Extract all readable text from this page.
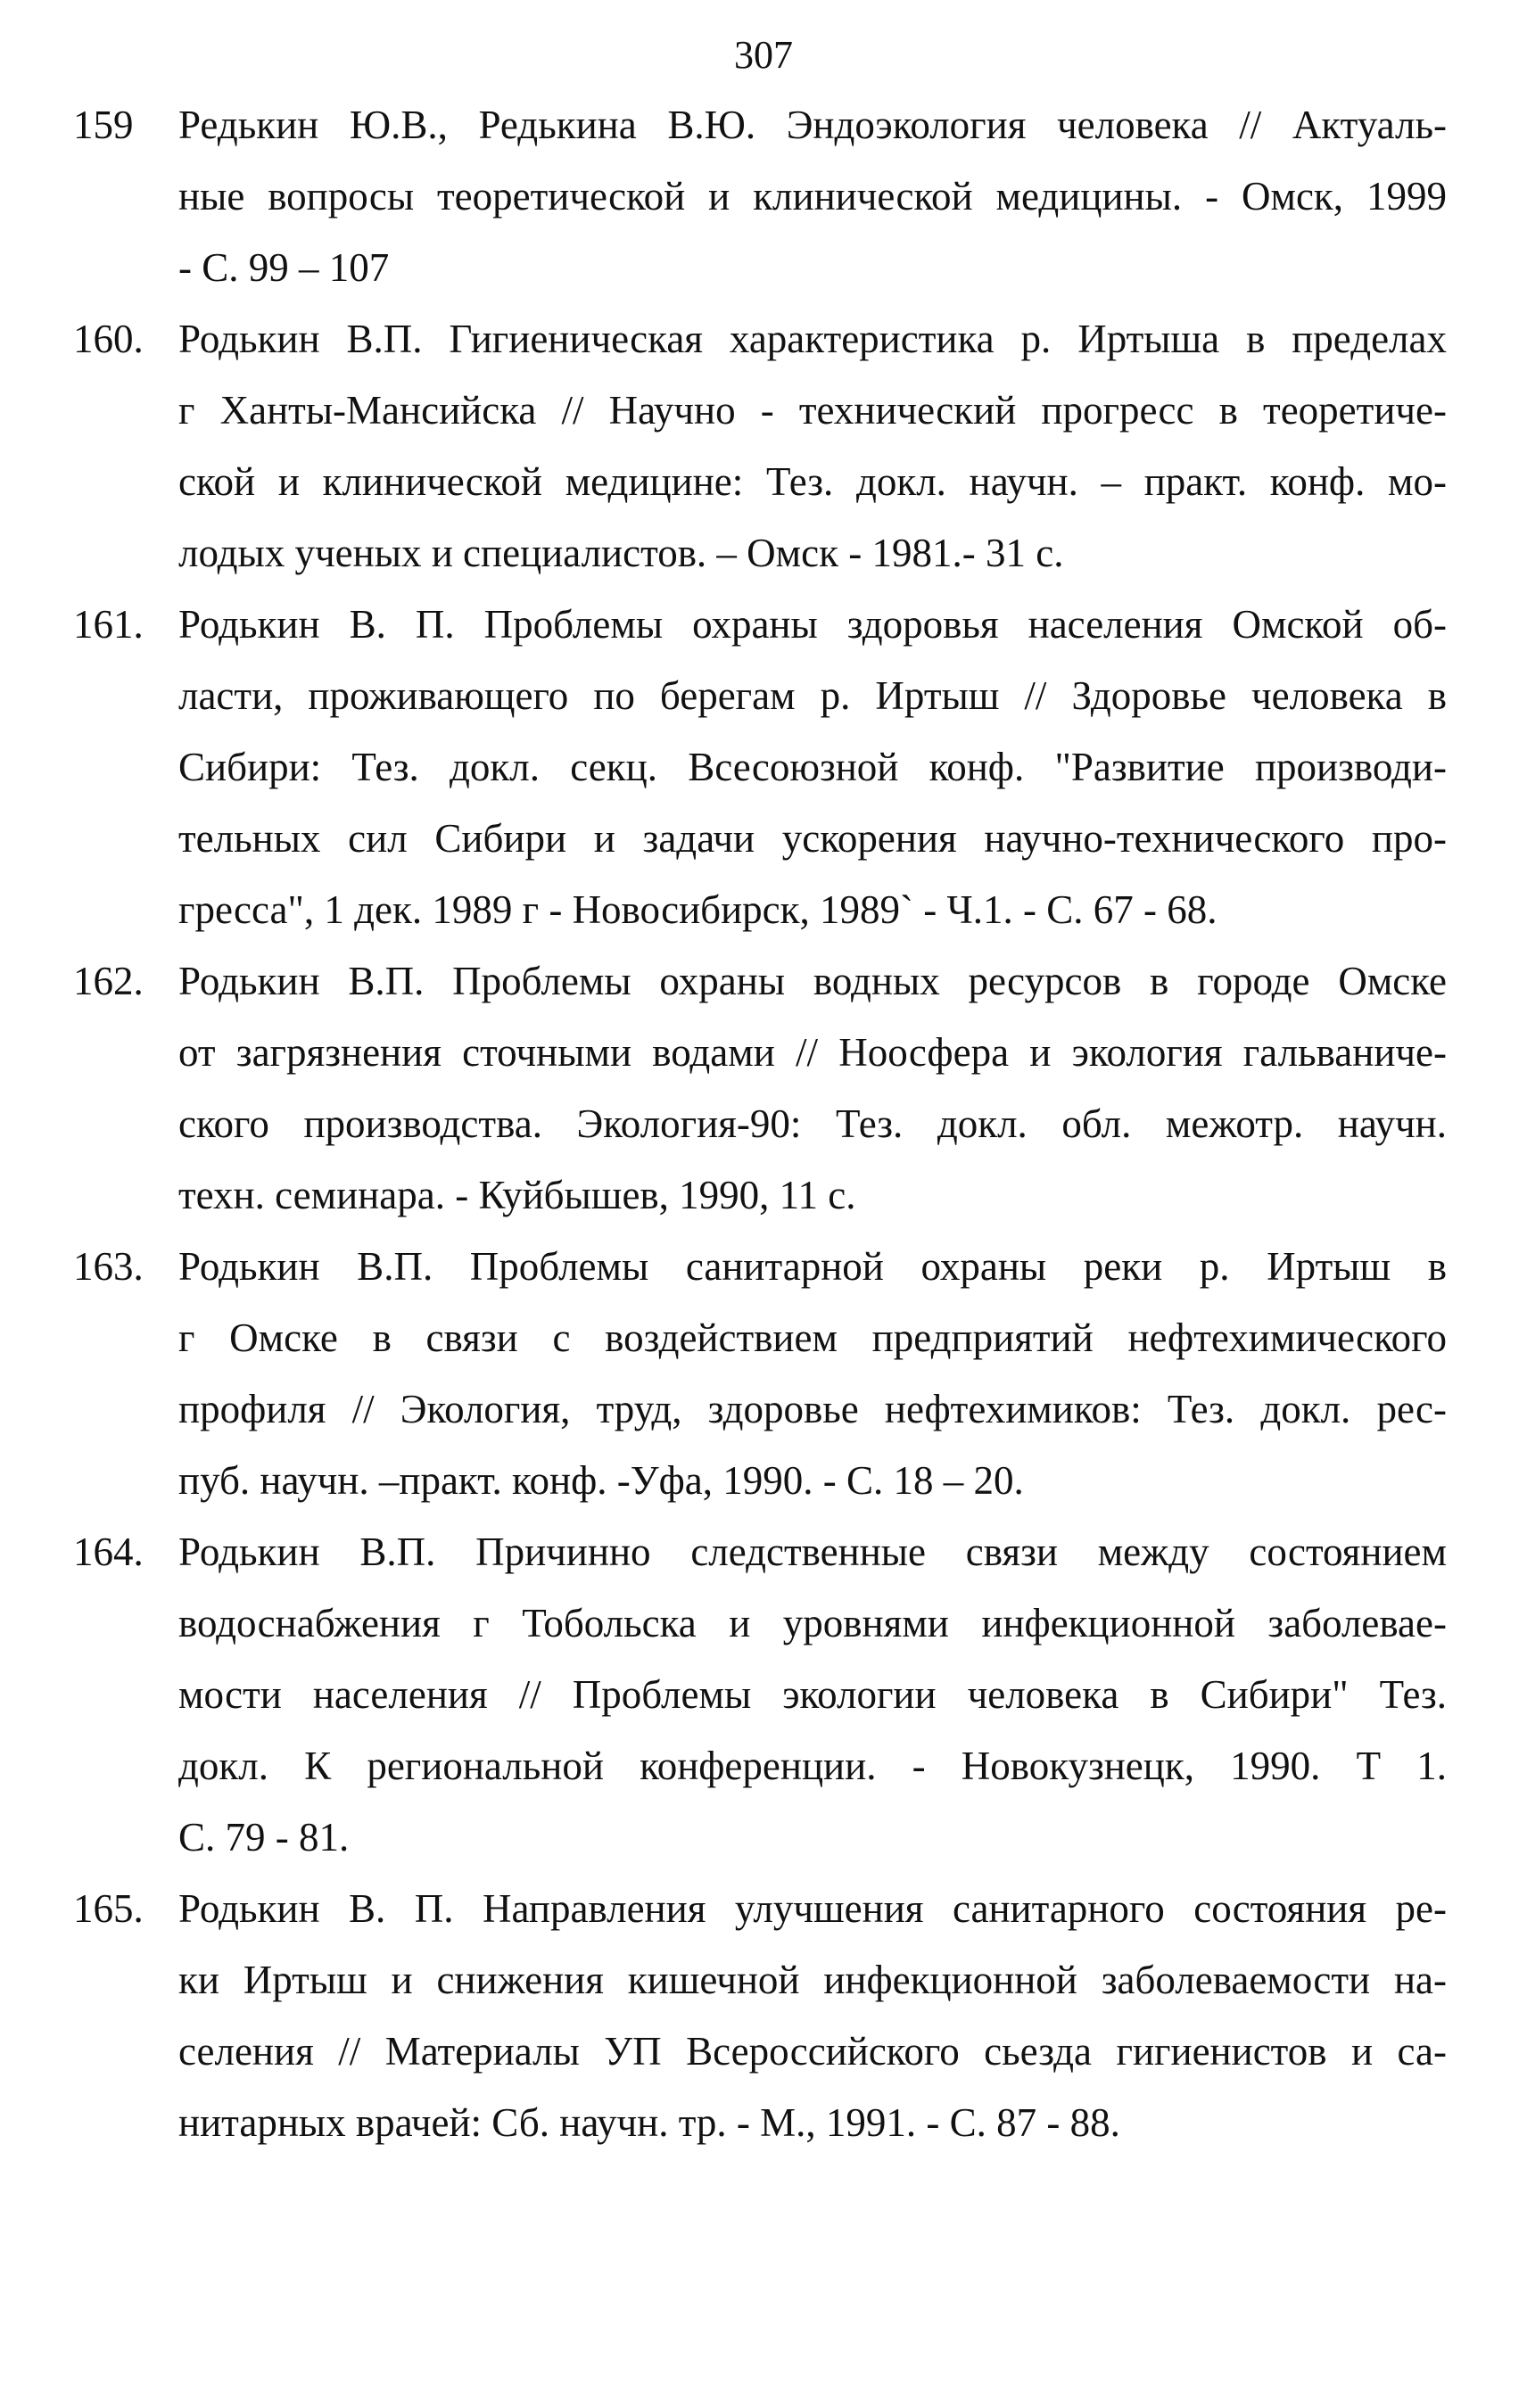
307
159	Редькин Ю.В., Редькина В.Ю. Эндоэкология человека // Актуаль-
ные вопросы теоретической и клинической медицины. - Омск, 1999
- С. 99 – 107
160. Родькин В.П. Гигиеническая характеристика р. Иртыша в пределах
г Ханты-Мансийска // Научно - технический прогресс в теоретиче-
ской и клинической медицине: Тез. докл. научн. – практ. конф. мо-
лодых ученых и специалистов. – Омск - 1981.- 31 с.
161. Родькин В. П. Проблемы охраны здоровья населения Омской об-
ласти, проживающего по берегам р. Иртыш // Здоровье человека в
Сибири: Тез. докл. секц. Всесоюзной конф. "Развитие производи-
тельных сил Сибири и задачи ускорения научно-технического про-
гресса", 1 дек. 1989 г - Новосибирск, 1989` - Ч.1. - С. 67 - 68.
162. Родькин В.П. Проблемы охраны водных ресурсов в городе Омске
от загрязнения сточными водами // Ноосфера и экология гальваниче-
ского производства. Экология-90: Тез. докл. обл. межотр. научн.
техн. семинара. - Куйбышев, 1990, 11 с.
163. Родькин В.П. Проблемы санитарной охраны реки р. Иртыш в
г Омске в связи с воздействием предприятий нефтехимического
профиля // Экология, труд, здоровье нефтехимиков: Тез. докл. рес-
пуб. научн. –практ. конф. -Уфа, 1990. - С. 18 – 20.
164. Родькин В.П. Причинно следственные связи между состоянием
водоснабжения г Тобольска и уровнями инфекционной заболевае-
мости населения // Проблемы экологии человека в Сибири" Тез.
докл. К региональной конференции. - Новокузнецк, 1990. Т 1.
С. 79 - 81.
165. Родькин В. П. Направления улучшения санитарного состояния ре-
ки Иртыш и снижения кишечной инфекционной заболеваемости на-
селения // Материалы УП Всероссийского сьезда гигиенистов и са-
нитарных врачей: Сб. научн. тр. - М., 1991. - С. 87 - 88.
